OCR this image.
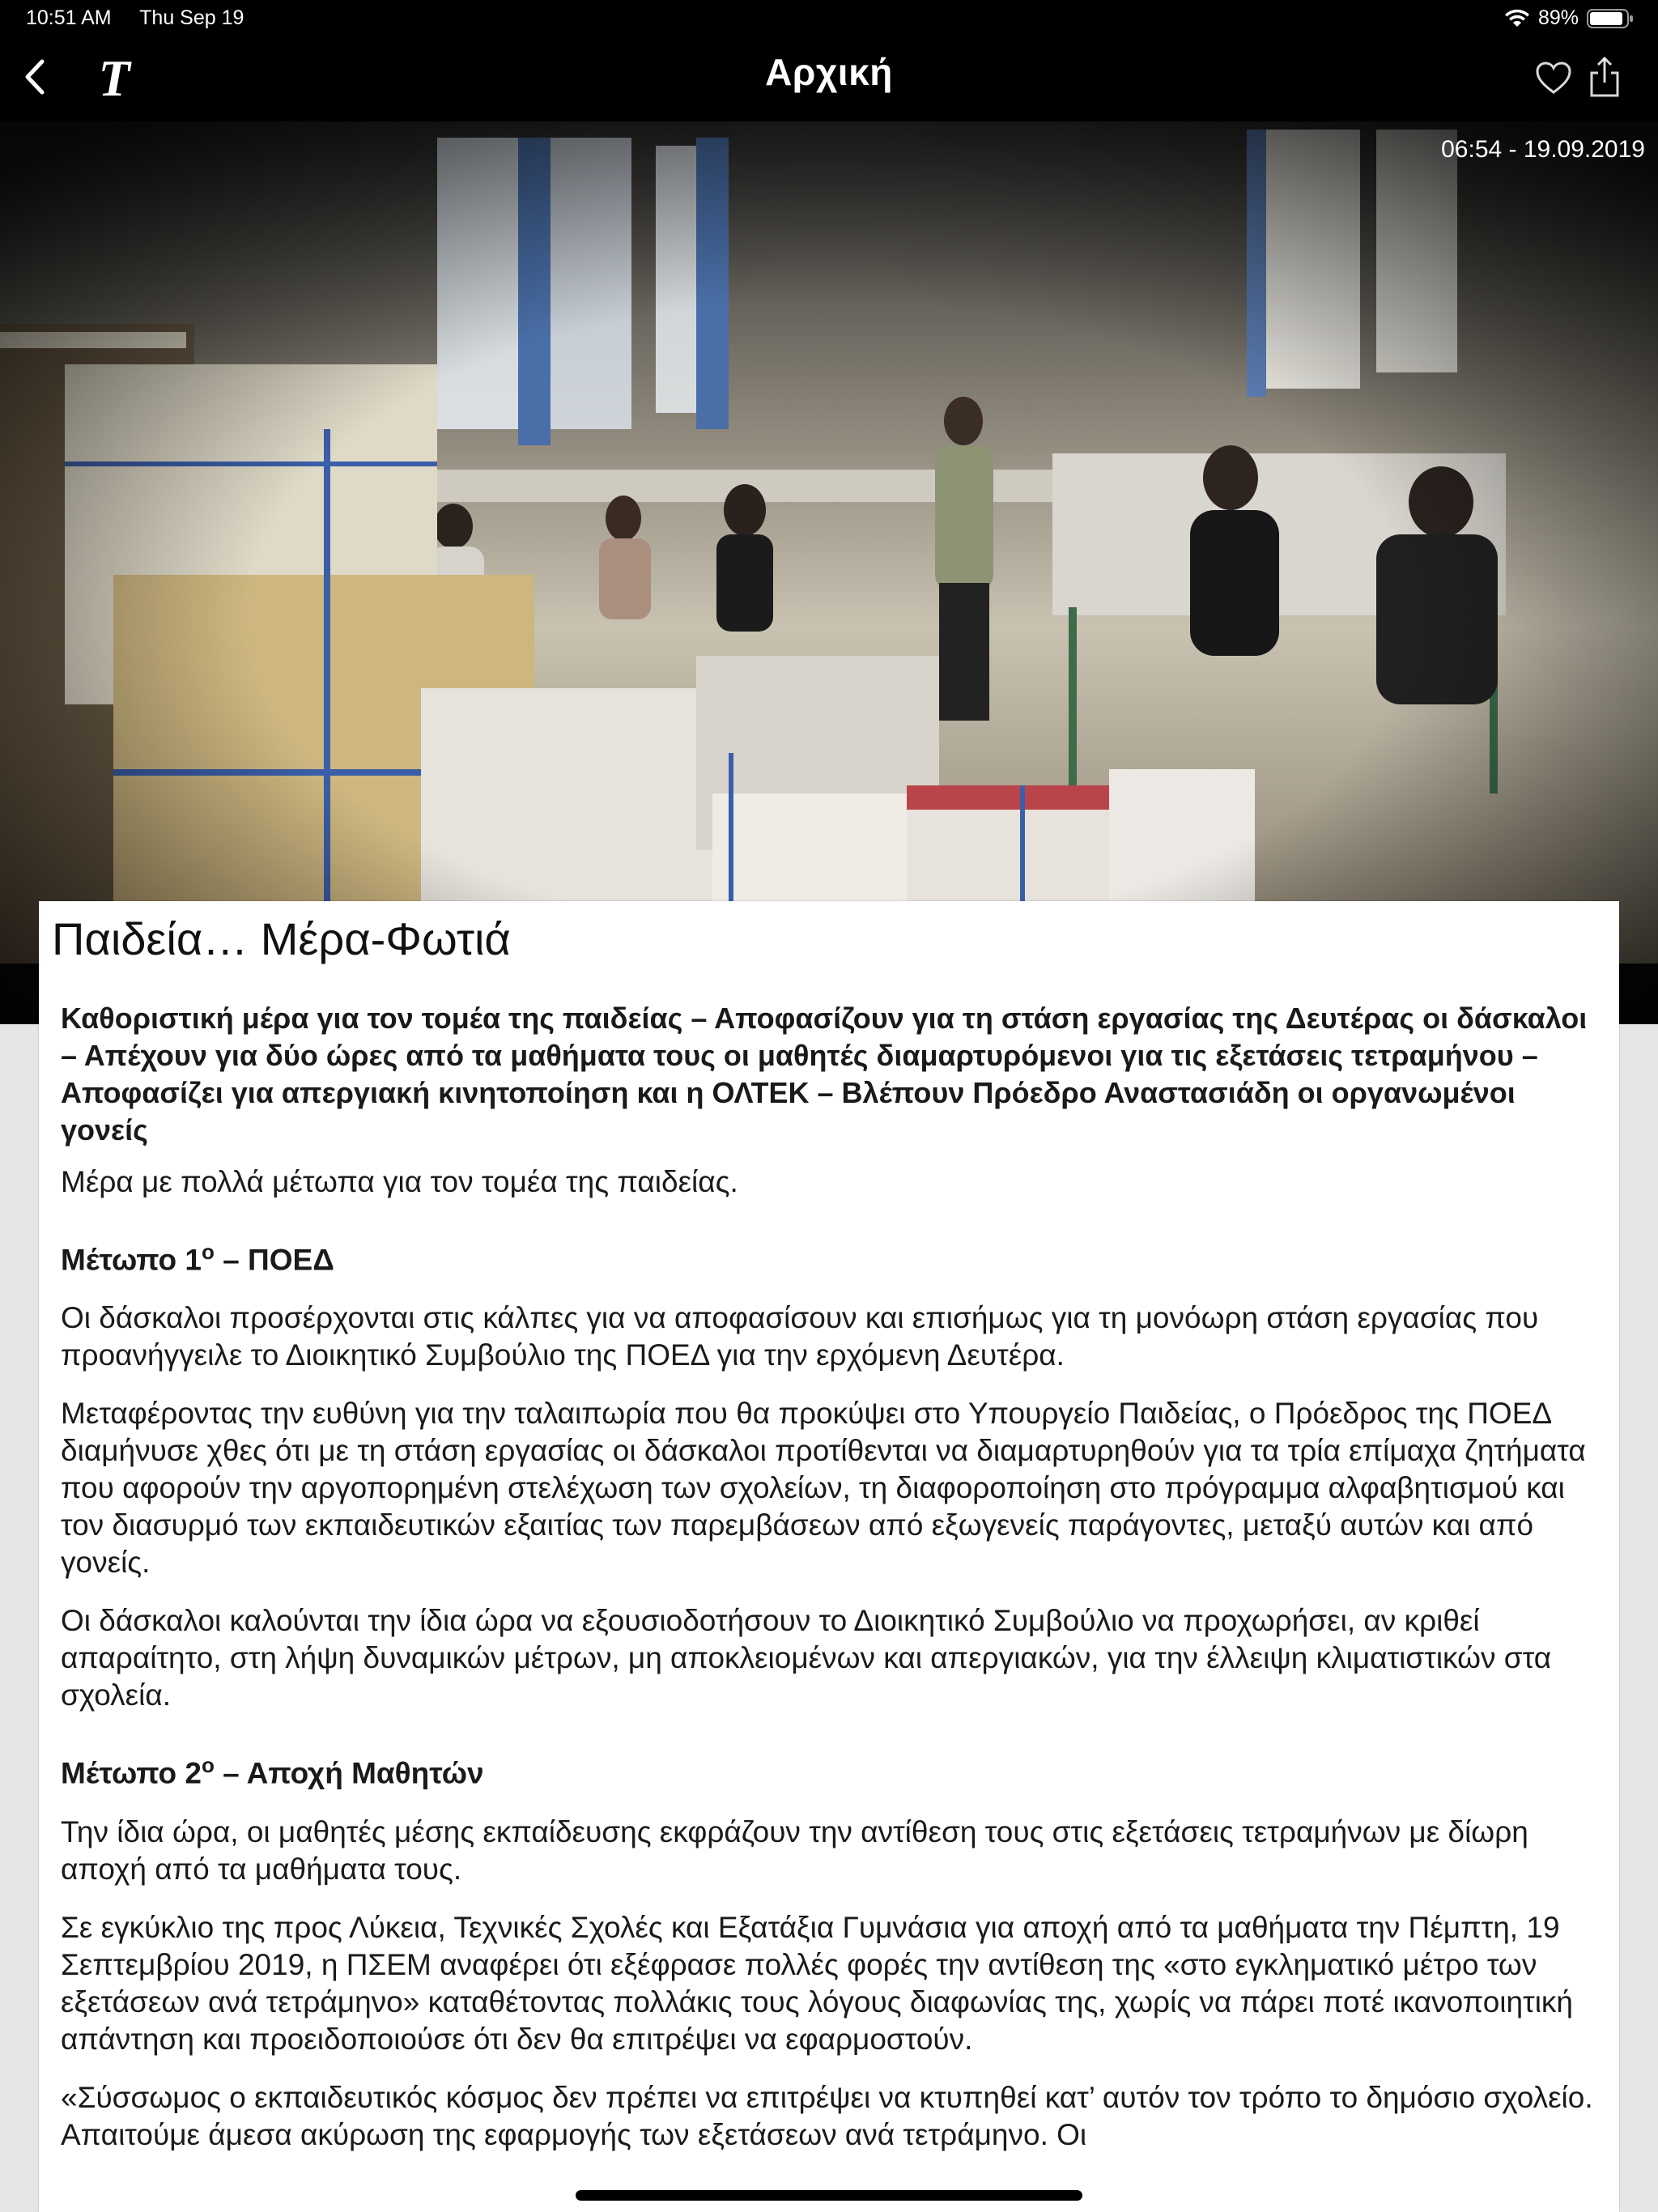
10:51 AM Thu Sep 19	89%
T	Αρχική
06:54 - 19.09.2019
Παιδεία… Μέρα-Φωτιά

Καθοριστική μέρα για τον τομέα της παιδείας – Αποφασίζουν για τη στάση εργασίας της Δευτέρας οι δάσκαλοι – Απέχουν για δύο ώρες από τα μαθήματα τους οι μαθητές διαμαρτυρόμενοι για τις εξετάσεις τετραμήνου – Αποφασίζει για απεργιακή κινητοποίηση και η ΟΛΤΕΚ – Βλέπουν Πρόεδρο Αναστασιάδη οι οργανωμένοι γονείς

Μέρα με πολλά μέτωπα για τον τομέα της παιδείας.

Μέτωπο $1^o$ – ΠΟΕΔ

Οι δάσκαλοι προσέρχονται στις κάλπες για να αποφασίσουν και επισήμως για τη μονόωρη στάση εργασίας που προανήγγειλε το Διοικητικό Συμβούλιο της ΠΟΕΔ για την ερχόμενη Δευτέρα.

Μεταφέροντας την ευθύνη για την ταλαιπωρία που θα προκύψει στο Υπουργείο Παιδείας, ο Πρόεδρος της ΠΟΕΔ διαμήνυσε χθες ότι με τη στάση εργασίας οι δάσκαλοι προτίθενται να διαμαρτυρηθούν για τα τρία επίμαχα ζητήματα που αφορούν την αργοπορημένη στελέχωση των σχολείων, τη διαφοροποίηση στο πρόγραμμα αλφαβητισμού και τον διασυρμό των εκπαιδευτικών εξαιτίας των παρεμβάσεων από εξωγενείς παράγοντες, μεταξύ αυτών και από γονείς.

Οι δάσκαλοι καλούνται την ίδια ώρα να εξουσιοδοτήσουν το Διοικητικό Συμβούλιο να προχωρήσει, αν κριθεί απαραίτητο, στη λήψη δυναμικών μέτρων, μη αποκλειομένων και απεργιακών, για την έλλειψη κλιματιστικών στα σχολεία.

Μέτωπο $2^o$ – Αποχή Μαθητών

Την ίδια ώρα, οι μαθητές μέσης εκπαίδευσης εκφράζουν την αντίθεση τους στις εξετάσεις τετραμήνων με δίωρη αποχή από τα μαθήματα τους.

Σε εγκύκλιο της προς Λύκεια, Τεχνικές Σχολές και Εξατάξια Γυμνάσια για αποχή από τα μαθήματα την Πέμπτη, 19 Σεπτεμβρίου 2019, η ΠΣΕΜ αναφέρει ότι εξέφρασε πολλές φορές την αντίθεση της «στο εγκληματικό μέτρο των εξετάσεων ανά τετράμηνο» καταθέτοντας πολλάκις τους λόγους διαφωνίας της, χωρίς να πάρει ποτέ ικανοποιητική απάντηση και προειδοποιούσε ότι δεν θα επιτρέψει να εφαρμοστούν.

«Σύσσωμος ο εκπαιδευτικός κόσμος δεν πρέπει να επιτρέψει να κτυπηθεί κατ’ αυτόν τον τρόπο το δημόσιο σχολείο. Απαιτούμε άμεσα ακύρωση της εφαρμογής των εξετάσεων ανά τετράμηνο. Οι
